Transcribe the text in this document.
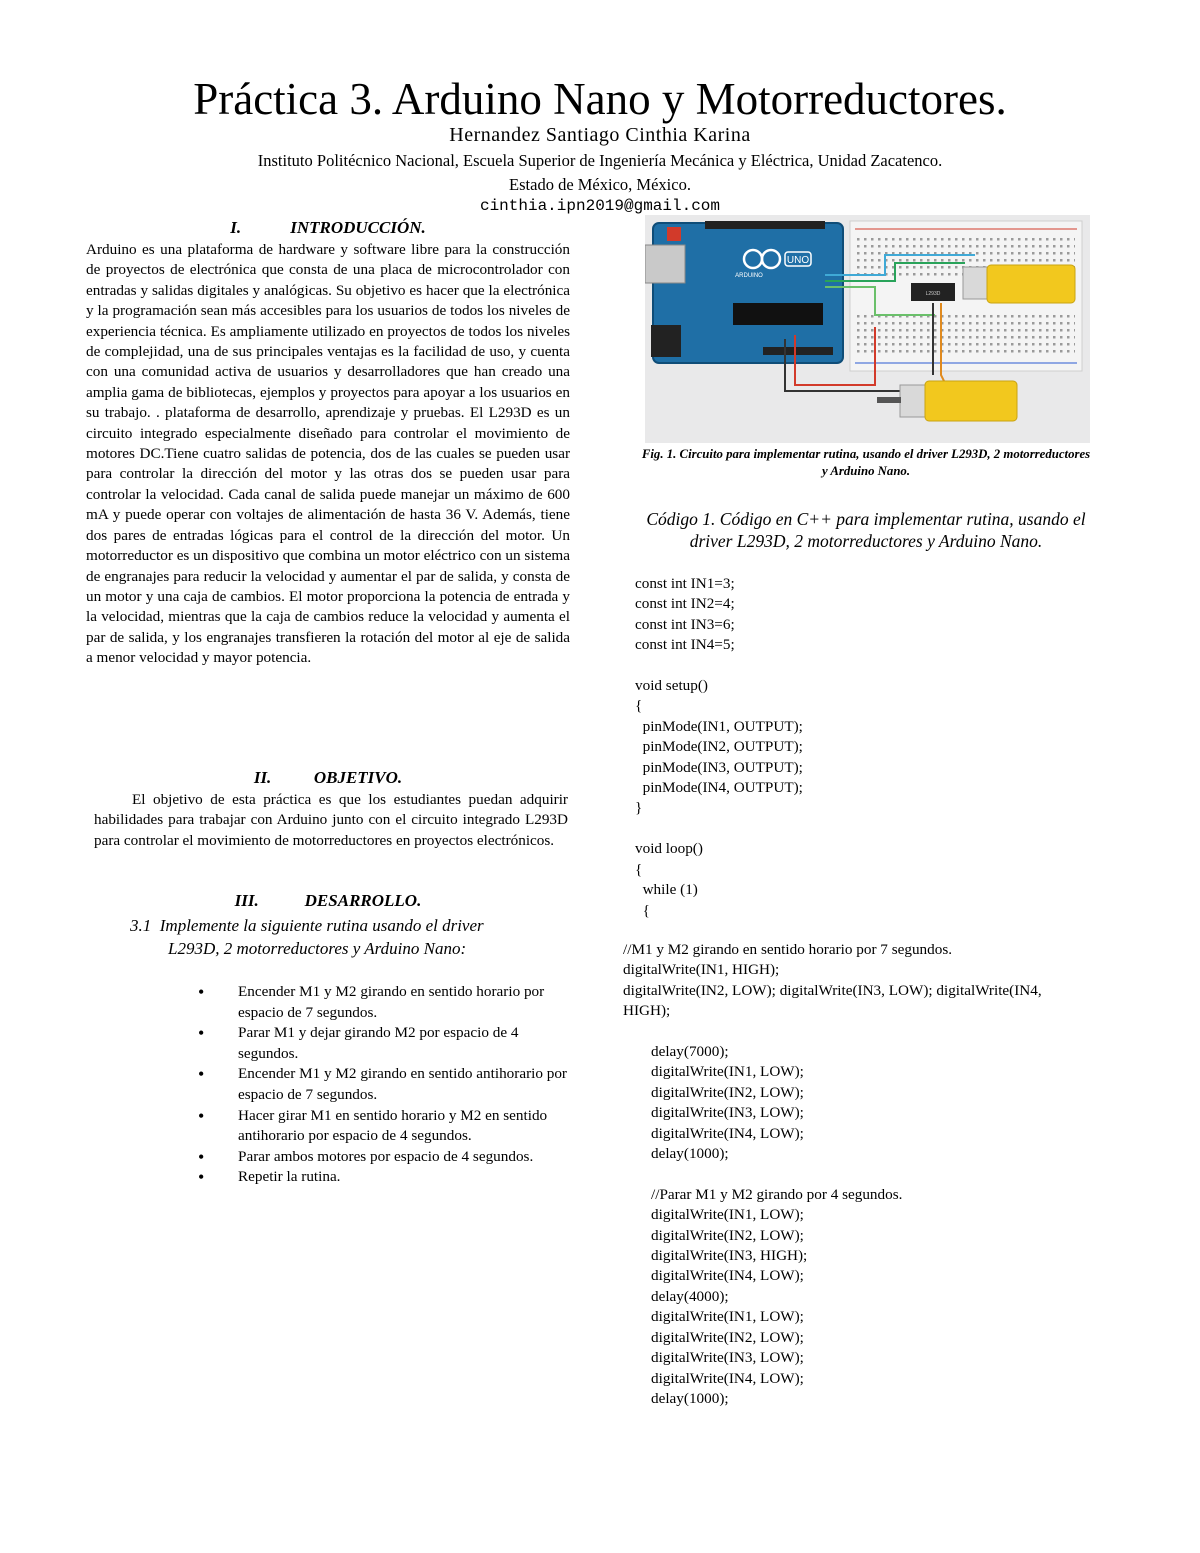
Práctica 3. Arduino Nano y Motorreductores.
Hernandez Santiago Cinthia Karina
Instituto Politécnico Nacional, Escuela Superior de Ingeniería Mecánica y Eléctrica, Unidad Zacatenco.
Estado de México, México.
cinthia.ipn2019@gmail.com
I.	INTRODUCCIÓN.
Arduino es una plataforma de hardware y software libre para la construcción de proyectos de electrónica que consta de una placa de microcontrolador con entradas y salidas digitales y analógicas. Su objetivo es hacer que la electrónica y la programación sean más accesibles para los usuarios de todos los niveles de experiencia técnica. Es ampliamente utilizado en proyectos de todos los niveles de complejidad, una de sus principales ventajas es la facilidad de uso, y cuenta con una comunidad activa de usuarios y desarrolladores que han creado una amplia gama de bibliotecas, ejemplos y proyectos para apoyar a los usuarios en su trabajo. . plataforma de desarrollo, aprendizaje y pruebas. El L293D es un circuito integrado especialmente diseñado para controlar el movimiento de motores DC.Tiene cuatro salidas de potencia, dos de las cuales se pueden usar para controlar la dirección del motor y las otras dos se pueden usar para controlar la velocidad. Cada canal de salida puede manejar un máximo de 600 mA y puede operar con voltajes de alimentación de hasta 36 V. Además, tiene dos pares de entradas lógicas para el control de la dirección del motor. Un motorreductor es un dispositivo que combina un motor eléctrico con un sistema de engranajes para reducir la velocidad y aumentar el par de salida, y consta de un motor y una caja de cambios. El motor proporciona la potencia de entrada y la velocidad, mientras que la caja de cambios reduce la velocidad y aumenta el par de salida, y los engranajes transfieren la rotación del motor al eje de salida a menor velocidad y mayor potencia.
II.	OBJETIVO.
El objetivo de esta práctica es que los estudiantes puedan adquirir habilidades para trabajar con Arduino junto con el circuito integrado L293D para controlar el movimiento de motorreductores en proyectos electrónicos.
III.	DESARROLLO.
3.1 Implemente la siguiente rutina usando el driver
L293D, 2 motorreductores y Arduino Nano:
• Encender M1 y M2 girando en sentido horario por espacio de 7 segundos.
• Parar M1 y dejar girando M2 por espacio de 4 segundos.
• Encender M1 y M2 girando en sentido antihorario por espacio de 7 segundos.
• Hacer girar M1 en sentido horario y M2 en sentido antihorario por espacio de 4 segundos.
• Parar ambos motores por espacio de 4 segundos.
• Repetir la rutina.
UNO
ARDUINO
L293D
Fig. 1. Circuito para implementar rutina, usando el driver L293D, 2 motorreductores y Arduino Nano.
Código 1. Código en C++ para implementar rutina, usando el driver L293D, 2 motorreductores y Arduino Nano.
const int IN1=3;
const int IN2=4;
const int IN3=6;
const int IN4=5;

void setup()
{
pinMode(IN1, OUTPUT);
pinMode(IN2, OUTPUT);
pinMode(IN3, OUTPUT);
pinMode(IN4, OUTPUT);
}

void loop()
{
while (1)
{
//M1 y M2 girando en sentido horario por 7 segundos.
digitalWrite(IN1, HIGH);
digitalWrite(IN2, LOW); digitalWrite(IN3, LOW); digitalWrite(IN4,
HIGH);
delay(7000);
digitalWrite(IN1, LOW);
digitalWrite(IN2, LOW);
digitalWrite(IN3, LOW);
digitalWrite(IN4, LOW);
delay(1000);

//Parar M1 y M2 girando por 4 segundos.
digitalWrite(IN1, LOW);
digitalWrite(IN2, LOW);
digitalWrite(IN3, HIGH);
digitalWrite(IN4, LOW);
delay(4000);
digitalWrite(IN1, LOW);
digitalWrite(IN2, LOW);
digitalWrite(IN3, LOW);
digitalWrite(IN4, LOW);
delay(1000);
